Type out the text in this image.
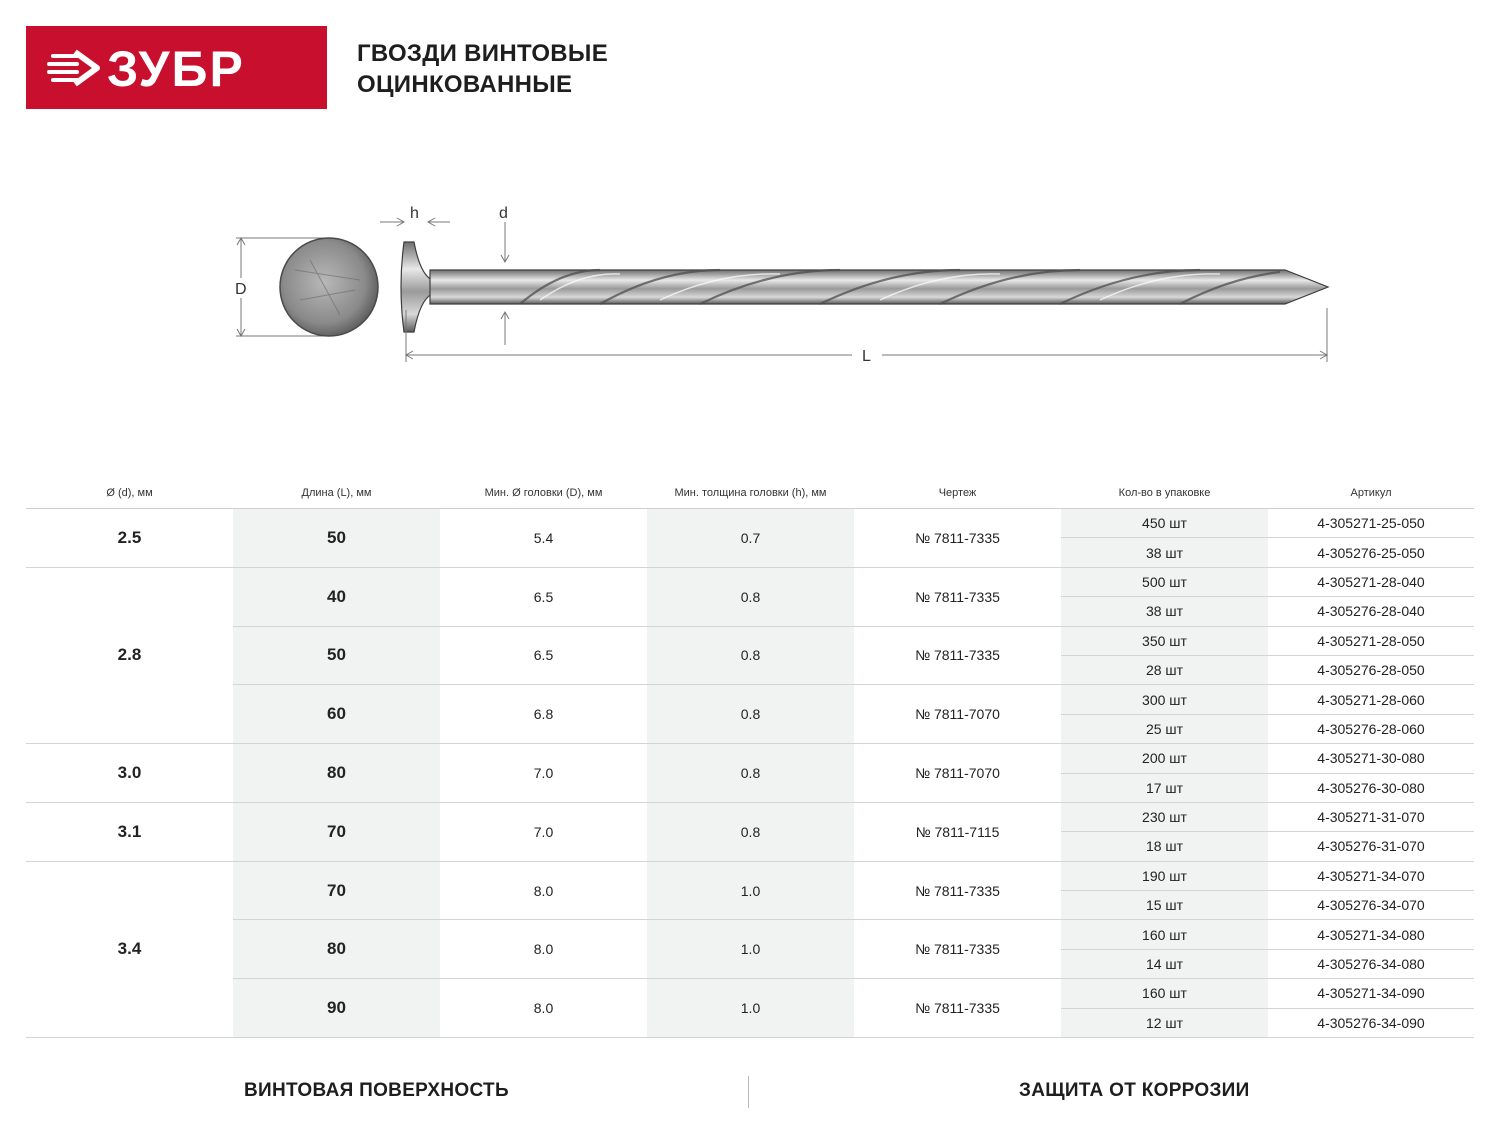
ЗУБР	ГВОЗДИ ВИНТОВЫЕ
ОЦИНКОВАННЫЕ
D
h	d
L
Ø (d), мм	Длина (L), мм	Мин. Ø головки (D), мм	Мин. толщина головки (h), мм	Чертеж	Кол-во в упаковке	Артикул
2.5	50	5.4	0.7	№ 7811-7335	450 шт	4-305271-25-050
					38 шт	4-305276-25-050
2.8	40	6.5	0.8	№ 7811-7335	500 шт	4-305271-28-040
					38 шт	4-305276-28-040
	50	6.5	0.8	№ 7811-7335	350 шт	4-305271-28-050
					28 шт	4-305276-28-050
	60	6.8	0.8	№ 7811-7070	300 шт	4-305271-28-060
					25 шт	4-305276-28-060
3.0	80	7.0	0.8	№ 7811-7070	200 шт	4-305271-30-080
					17 шт	4-305276-30-080
3.1	70	7.0	0.8	№ 7811-7115	230 шт	4-305271-31-070
					18 шт	4-305276-31-070
3.4	70	8.0	1.0	№ 7811-7335	190 шт	4-305271-34-070
					15 шт	4-305276-34-070
	80	8.0	1.0	№ 7811-7335	160 шт	4-305271-34-080
					14 шт	4-305276-34-080
	90	8.0	1.0	№ 7811-7335	160 шт	4-305271-34-090
					12 шт	4-305276-34-090
ВИНТОВАЯ ПОВЕРХНОСТЬ	ЗАЩИТА ОТ КОРРОЗИИ
